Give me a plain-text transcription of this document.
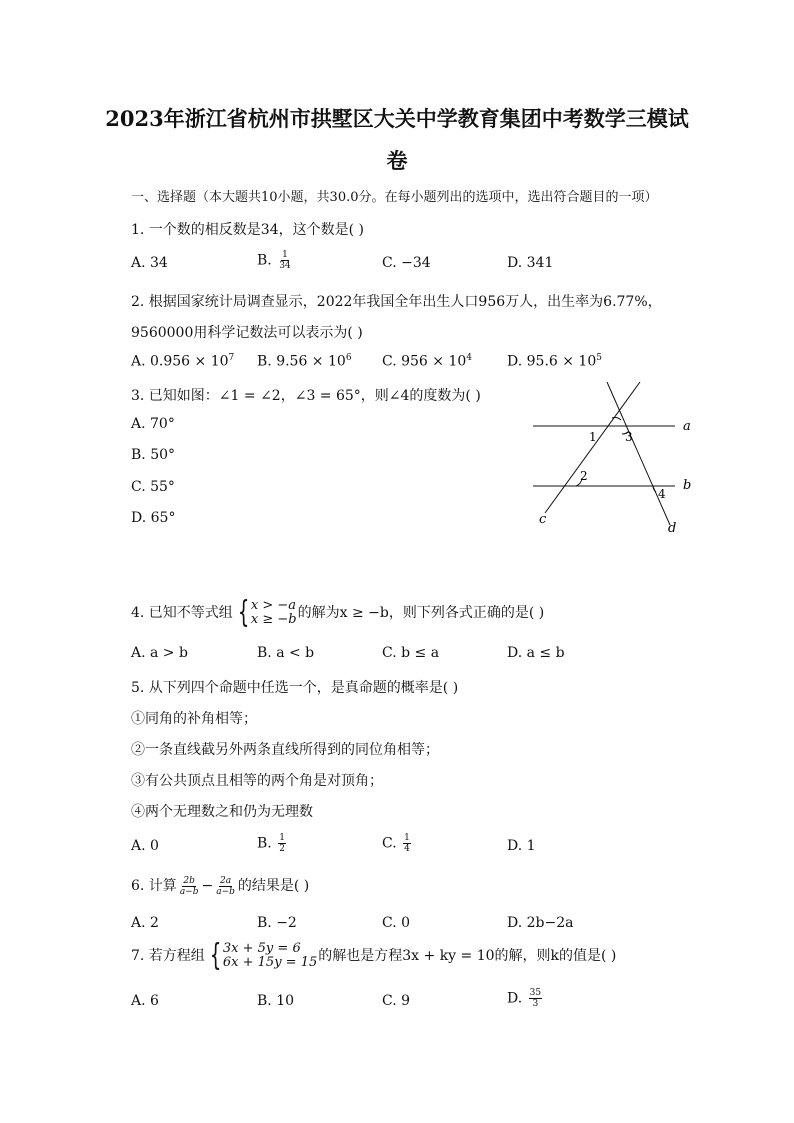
2023年浙江省杭州市拱墅区大关中学教育集团中考数学三模试
卷
一、选择题（本大题共10小题，共30.0分。在每小题列出的选项中，选出符合题目的一项）
1. 一个数的相反数是34，这个数是( )
A. 34	B. $\frac{1}{34}$	C. −34	D. 341
2. 根据国家统计局调查显示，2022年我国全年出生人口956万人，出生率为6.77%，
9560000用科学记数法可以表示为( )
A. $0.956 \times 10^7$ B. $9.56 \times 10^6$ C. $956 \times 10^4$ D. $95.6 \times 10^5$
3. 已知如图：∠1 = ∠2，∠3 = 65°，则∠4的度数为( )
A. 70°
B. 50°
C. 55°
D. 65°
a
b
c
d
1
2
3
4
4. 已知不等式组 { x > −a
x ≥ −b 的解为x ≥ −b，则下列各式正确的是( )
A. a > b	B. a < b	C. b ≤ a	D. a ≤ b
5. 从下列四个命题中任选一个，是真命题的概率是( )
①同角的补角相等；
②一条直线截另外两条直线所得到的同位角相等；
③有公共顶点且相等的两个角是对顶角；
④两个无理数之和仍为无理数
A. 0	B. $\frac{1}{2}$	C. $\frac{1}{4}$	D. 1
6. 计算 $\frac{2b}{a-b} - \frac{2a}{a-b}$ 的结果是( )
A. 2	B. −2	C. 0	D. 2b−2a
7. 若方程组 { 3x + 5y = 6
6x + 15y = 15 的解也是方程3x + ky = 10的解，则k的值是( )
A. 6	B. 10	C. 9	D. $\frac{35}{3}$
